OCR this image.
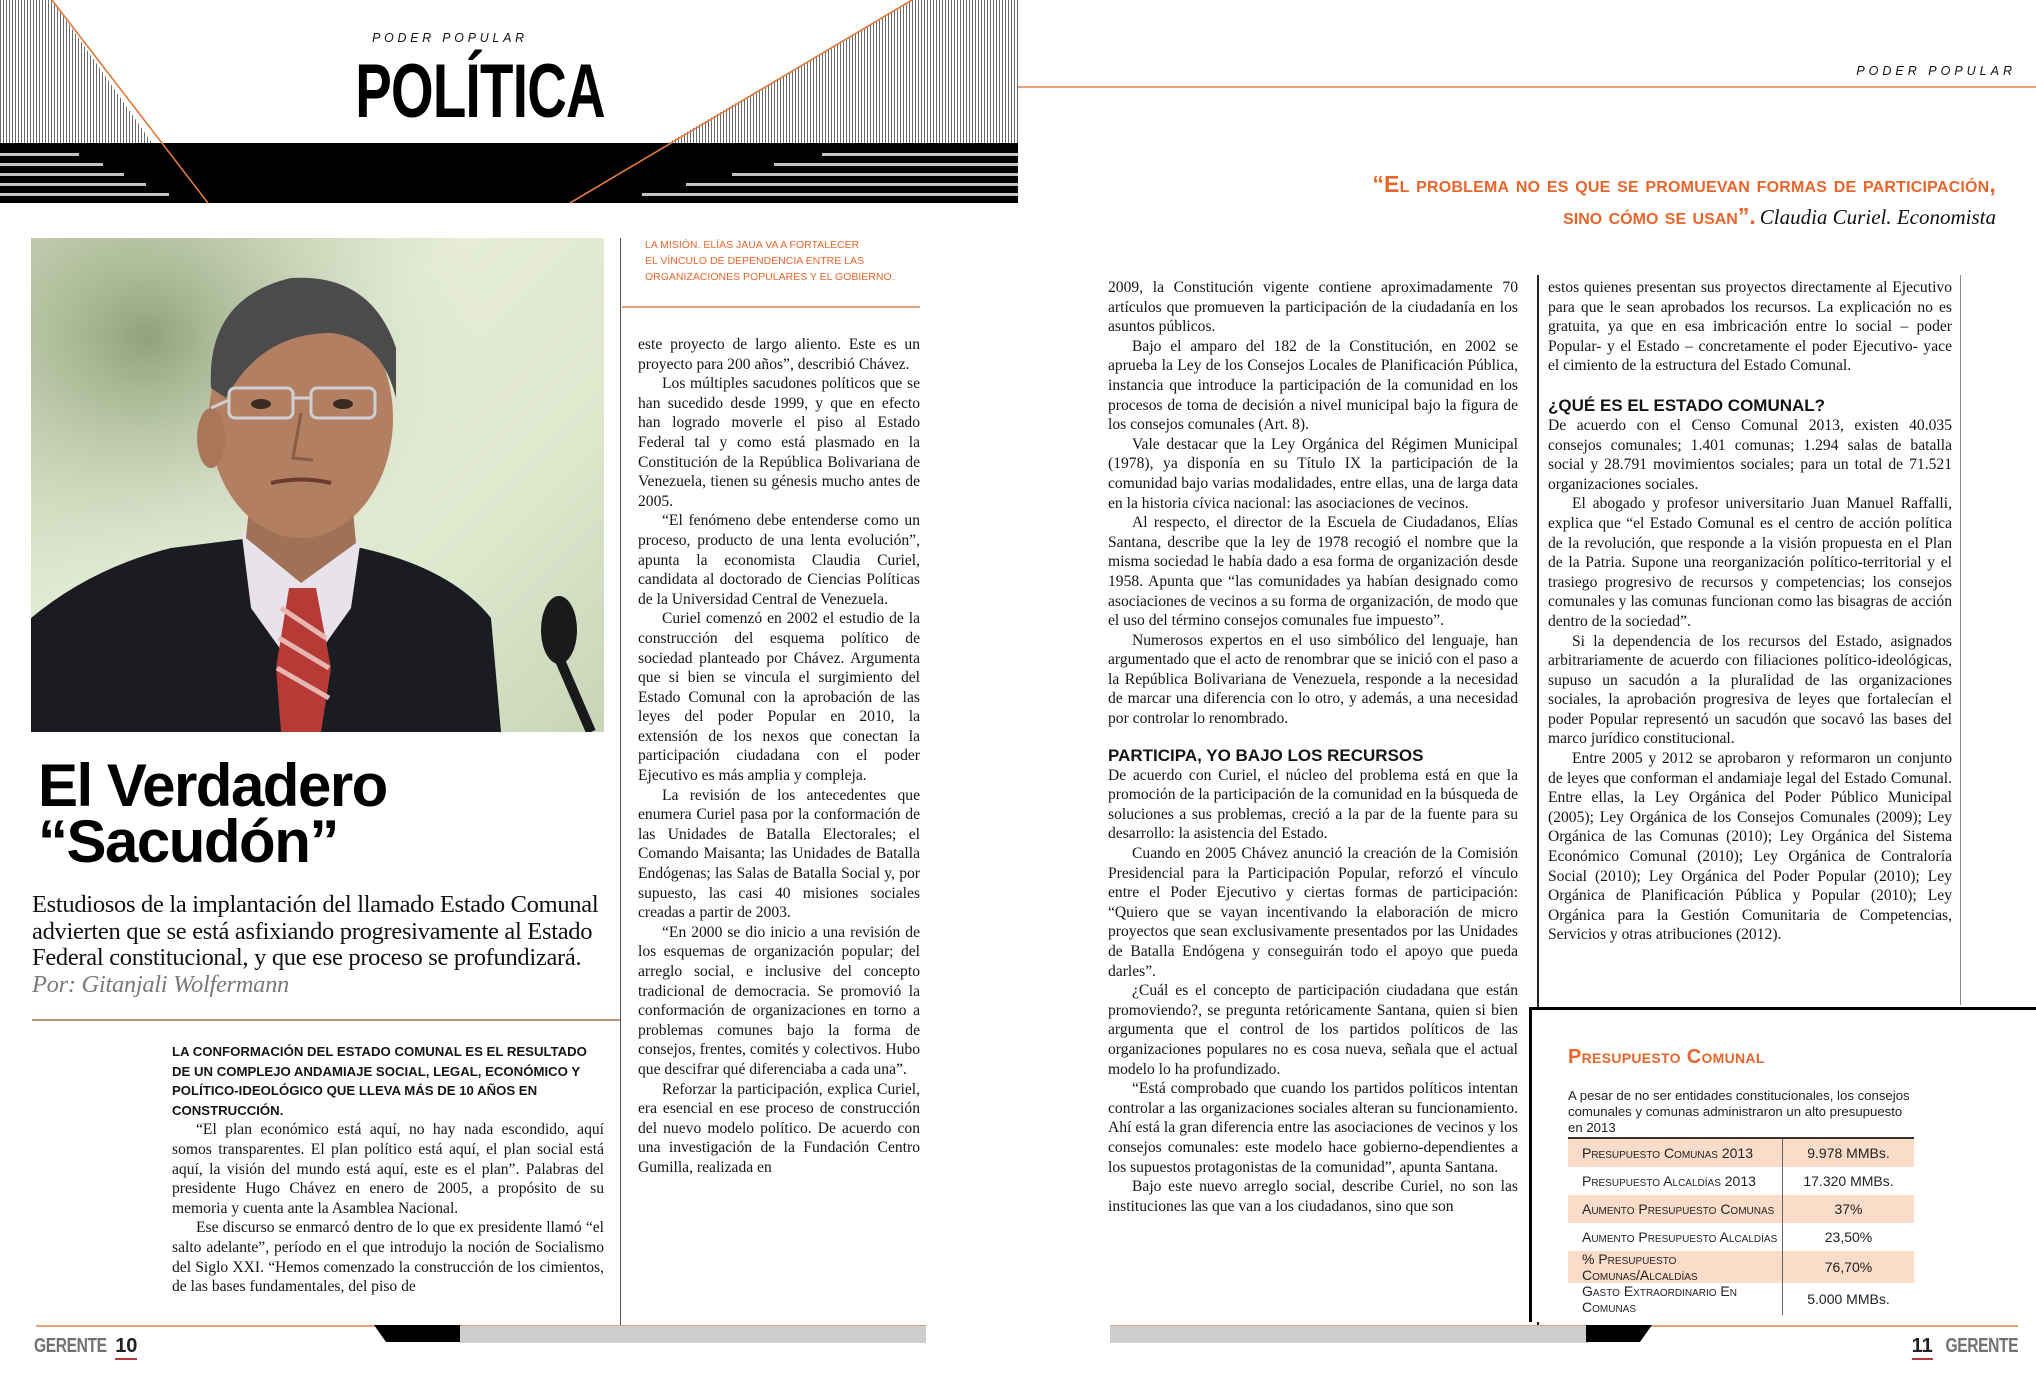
PODER POPULAR
POLÍTICA
LA MISIÓN. ELÍAS JAUA VA A FORTALECER
EL VÍNCULO DE DEPENDENCIA ENTRE LAS
ORGANIZACIONES POPULARES Y EL GOBIERNO.
El Verdadero
“Sacudón”
Estudiosos de la implantación del llamado Estado Comunal advierten que se está asfixiando progresivamente al Estado Federal constitucional, y que ese proceso se profundizará. Por: Gitanjali Wolfermann

LA CONFORMACIÓN DEL ESTADO COMUNAL ES EL RESULTADO DE UN COMPLEJO ANDAMIAJE SOCIAL, LEGAL, ECONÓMICO Y POLÍTICO-IDEOLÓGICO QUE LLEVA MÁS DE 10 AÑOS EN CONSTRUCCIÓN.

“El plan económico está aquí, no hay nada escondido, aquí somos transparentes. El plan político está aquí, el plan social está aquí, la visión del mundo está aquí, este es el plan”. Palabras del presidente Hugo Chávez en enero de 2005, a propósito de su memoria y cuenta ante la Asamblea Nacional.

Ese discurso se enmarcó dentro de lo que ex presidente llamó “el salto adelante”, período en el que introdujo la noción de Socialismo del Siglo XXI. “Hemos comenzado la construcción de los cimientos, de las bases fundamentales, del piso de

este proyecto de largo aliento. Este es un proyecto para 200 años”, describió Chávez.

Los múltiples sacudones políticos que se han sucedido desde 1999, y que en efecto han logrado moverle el piso al Estado Federal tal y como está plasmado en la Constitución de la República Bolivariana de Venezuela, tienen su génesis mucho antes de 2005.

“El fenómeno debe entenderse como un proceso, producto de una lenta evolución”, apunta la economista Claudia Curiel, candidata al doctorado de Ciencias Políticas de la Universidad Central de Venezuela.

Curiel comenzó en 2002 el estudio de la construcción del esquema político de sociedad planteado por Chávez. Argumenta que si bien se vincula el surgimiento del Estado Comunal con la aprobación de las leyes del poder Popular en 2010, la extensión de los nexos que conectan la participación ciudadana con el poder Ejecutivo es más amplia y compleja.

La revisión de los antecedentes que enumera Curiel pasa por la conformación de las Unidades de Batalla Electorales; el Comando Maisanta; las Unidades de Batalla Endógenas; las Salas de Batalla Social y, por supuesto, las casi 40 misiones sociales creadas a partir de 2003.

“En 2000 se dio inicio a una revisión de los esquemas de organización popular; del arreglo social, e inclusive del concepto tradicional de democracia. Se promovió la conformación de organizaciones en torno a problemas comunes bajo la forma de consejos, frentes, comités y colectivos. Hubo que descifrar qué diferenciaba a cada una”.

Reforzar la participación, explica Curiel, era esencial en ese proceso de construcción del nuevo modelo político. De acuerdo con una investigación de la Fundación Centro Gumilla, realizada en

GERENTE 10
PODER POPULAR
“El problema no es que se promuevan formas de participación,
sino cómo se usan”. Claudia Curiel. Economista

2009, la Constitución vigente contiene aproximadamente 70 artículos que promueven la participación de la ciudadanía en los asuntos públicos.

Bajo el amparo del 182 de la Constitución, en 2002 se aprueba la Ley de los Consejos Locales de Planificación Pública, instancia que introduce la participación de la comunidad en los procesos de toma de decisión a nivel municipal bajo la figura de los consejos comunales (Art. 8).

Vale destacar que la Ley Orgánica del Régimen Municipal (1978), ya disponía en su Título IX la participación de la comunidad bajo varias modalidades, entre ellas, una de larga data en la historia cívica nacional: las asociaciones de vecinos.

Al respecto, el director de la Escuela de Ciudadanos, Elías Santana, describe que la ley de 1978 recogió el nombre que la misma sociedad le había dado a esa forma de organización desde 1958. Apunta que “las comunidades ya habían designado como asociaciones de vecinos a su forma de organización, de modo que el uso del término consejos comunales fue impuesto”.

Numerosos expertos en el uso simbólico del lenguaje, han argumentado que el acto de renombrar que se inició con el paso a la República Bolivariana de Venezuela, responde a la necesidad de marcar una diferencia con lo otro, y además, a una necesidad por controlar lo renombrado.

PARTICIPA, YO BAJO LOS RECURSOS

De acuerdo con Curiel, el núcleo del problema está en que la promoción de la participación de la comunidad en la búsqueda de soluciones a sus problemas, creció a la par de la fuente para su desarrollo: la asistencia del Estado.

Cuando en 2005 Chávez anunció la creación de la Comisión Presidencial para la Participación Popular, reforzó el vínculo entre el Poder Ejecutivo y ciertas formas de participación: “Quiero que se vayan incentivando la elaboración de micro proyectos que sean exclusivamente presentados por las Unidades de Batalla Endógena y conseguirán todo el apoyo que pueda darles”.

¿Cuál es el concepto de participación ciudadana que están promoviendo?, se pregunta retóricamente Santana, quien si bien argumenta que el control de los partidos políticos de las organizaciones populares no es cosa nueva, señala que el actual modelo lo ha profundizado.

“Está comprobado que cuando los partidos políticos intentan controlar a las organizaciones sociales alteran su funcionamiento. Ahí está la gran diferencia entre las asociaciones de vecinos y los consejos comunales: este modelo hace gobierno-dependientes a los supuestos protagonistas de la comunidad”, apunta Santana.

Bajo este nuevo arreglo social, describe Curiel, no son las instituciones las que van a los ciudadanos, sino que son

estos quienes presentan sus proyectos directamente al Ejecutivo para que le sean aprobados los recursos. La explicación no es gratuita, ya que en esa imbricación entre lo social – poder Popular- y el Estado – concretamente el poder Ejecutivo- yace el cimiento de la estructura del Estado Comunal.

¿QUÉ ES EL ESTADO COMUNAL?

De acuerdo con el Censo Comunal 2013, existen 40.035 consejos comunales; 1.401 comunas; 1.294 salas de batalla social y 28.791 movimientos sociales; para un total de 71.521 organizaciones sociales.

El abogado y profesor universitario Juan Manuel Raffalli, explica que “el Estado Comunal es el centro de acción política de la revolución, que responde a la visión propuesta en el Plan de la Patria. Supone una reorganización político-territorial y el trasiego progresivo de recursos y competencias; los consejos comunales y las comunas funcionan como las bisagras de acción dentro de la sociedad”.

Si la dependencia de los recursos del Estado, asignados arbitrariamente de acuerdo con filiaciones político-ideológicas, supuso un sacudón a la pluralidad de las organizaciones sociales, la aprobación progresiva de leyes que fortalecían el poder Popular representó un sacudón que socavó las bases del marco jurídico constitucional.

Entre 2005 y 2012 se aprobaron y reformaron un conjunto de leyes que conforman el andamiaje legal del Estado Comunal. Entre ellas, la Ley Orgánica del Poder Público Municipal (2005); Ley Orgánica de los Consejos Comunales (2009); Ley Orgánica de las Comunas (2010); Ley Orgánica del Sistema Económico Comunal (2010); Ley Orgánica de Contraloría Social (2010); Ley Orgánica del Poder Popular (2010); Ley Orgánica de Planificación Pública y Popular (2010); Ley Orgánica para la Gestión Comunitaria de Competencias, Servicios y otras atribuciones (2012).

Presupuesto Comunal
A pesar de no ser entidades constitucionales, los consejos comunales y comunas administraron un alto presupuesto en 2013
Presupuesto Comunas 2013	9.978 MMBs.
Presupuesto Alcaldías 2013	17.320 MMBs.
Aumento Presupuesto Comunas	37%
Aumento Presupuesto Alcaldías	23,50%
% Presupuesto Comunas/Alcaldías	76,70%
Gasto Extraordinario En Comunas	5.000 MMBs.
11 GERENTE
